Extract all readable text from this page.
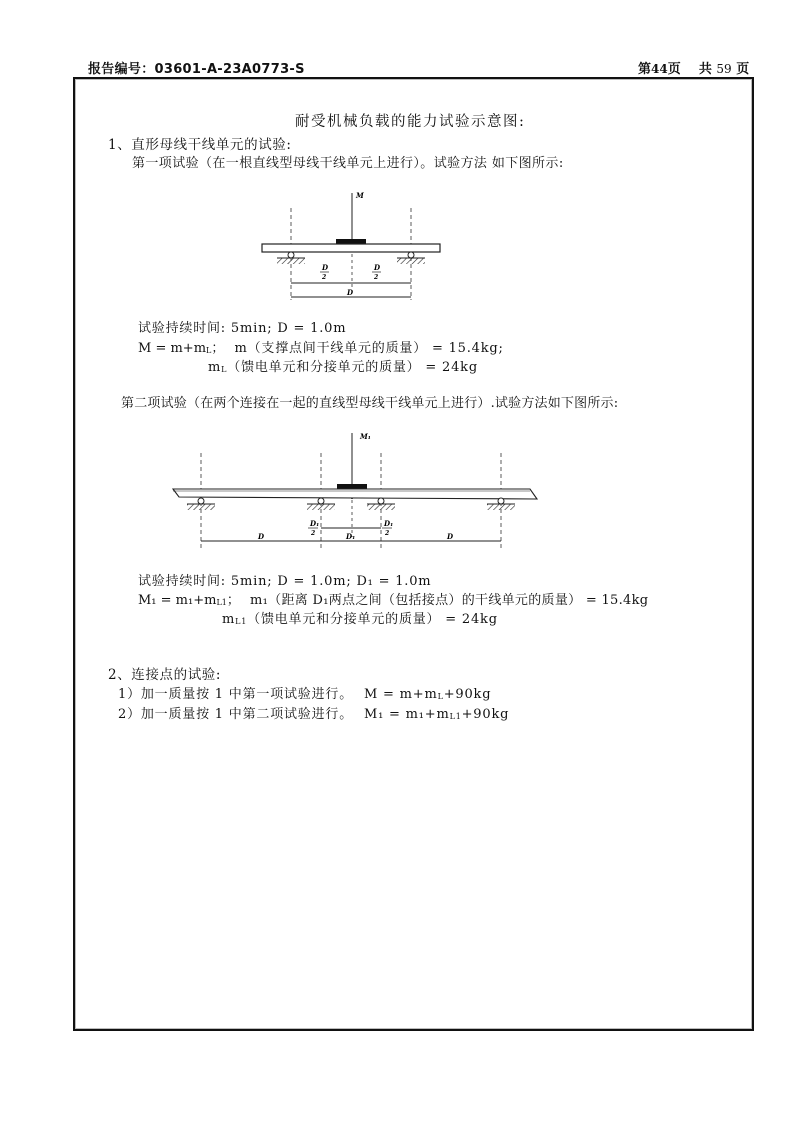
报告编号：03601-A-23A0773-S	第44页 共 59 页
耐受机械负载的能力试验示意图:
1、直形母线干线单元的试验:
第一项试验（在一根直线型母线干线单元上进行）。试验方法 如下图所示:
M
D
2
D
2
D
试验持续时间: 5min; D = 1.0m
M = m+mL； m（支撑点间干线单元的质量） = 15.4kg;
mL（馈电单元和分接单元的质量） = 24kg
第二项试验（在两个连接在一起的直线型母线干线单元上进行）.试验方法如下图所示:
M₁
D₁
2
D₁
2
D	D₁	D
试验持续时间: 5min; D = 1.0m; D₁ = 1.0m
M₁ = m₁+mL1； m₁（距离 D₁两点之间（包括接点）的干线单元的质量） = 15.4kg
mL1（馈电单元和分接单元的质量） = 24kg
2、连接点的试验:
1）加一质量按 1 中第一项试验进行。 M = m+mL+90kg
2）加一质量按 1 中第二项试验进行。 M₁ = m₁+mL1+90kg
